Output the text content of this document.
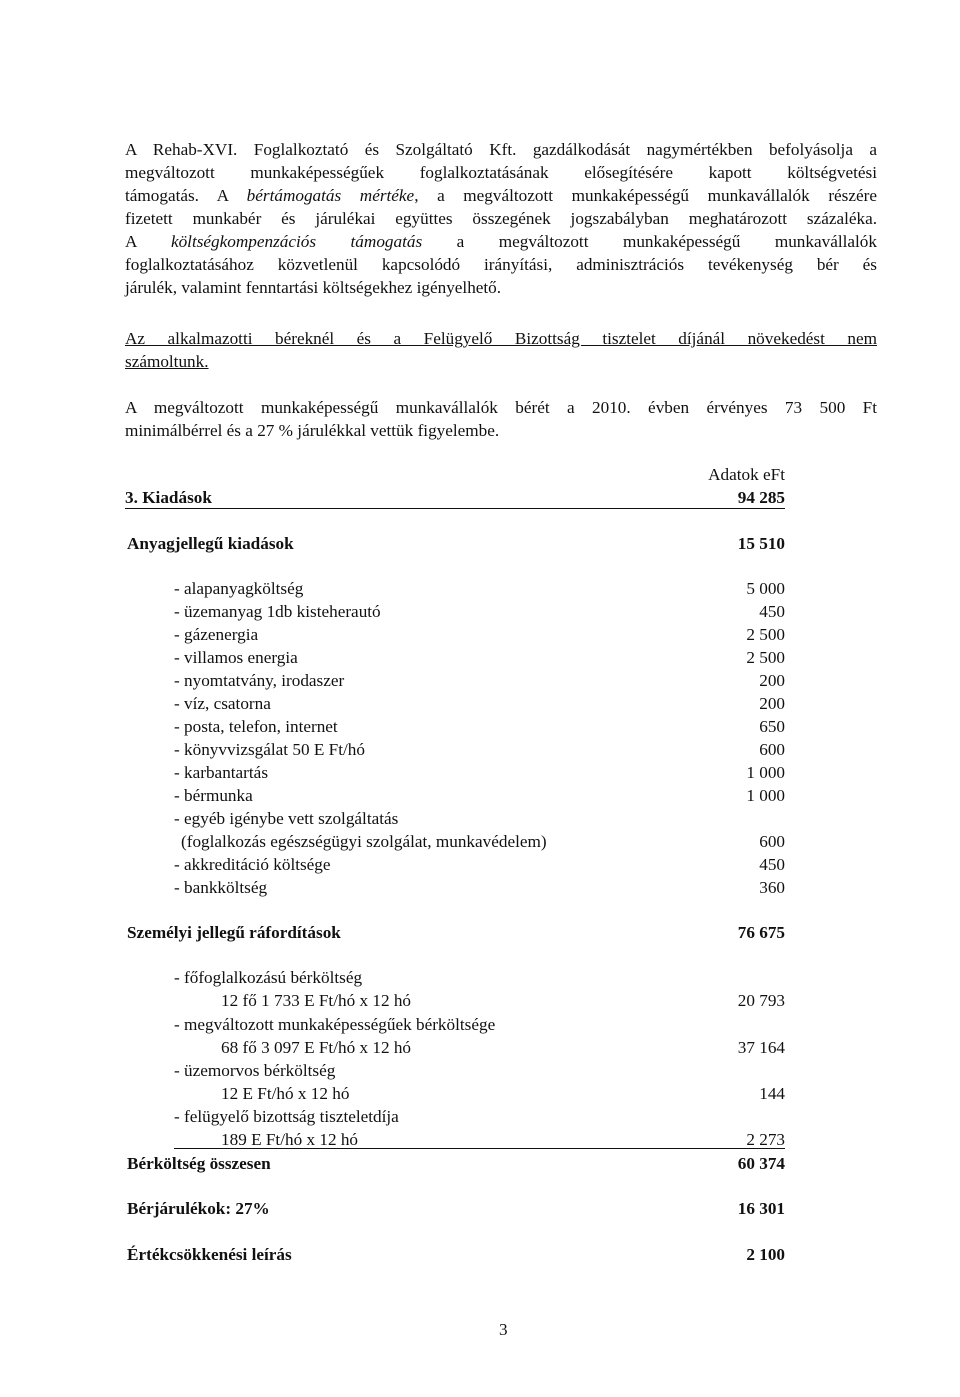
A Rehab-XVI. Foglalkoztató és Szolgáltató Kft. gazdálkodását nagymértékben befolyásolja a
megváltozott munkaképességűek foglalkoztatásának elősegítésére kapott költségvetési
támogatás. A bértámogatás mértéke, a megváltozott munkaképességű munkavállalók részére
fizetett munkabér és járulékai együttes összegének jogszabályban meghatározott százaléka.
A költségkompenzációs támogatás a megváltozott munkaképességű munkavállalók
foglalkoztatásához közvetlenül kapcsolódó irányítási, adminisztrációs tevékenység bér és
járulék, valamint fenntartási költségekhez igényelhető.
Az alkalmazotti béreknél és a Felügyelő Bizottság tisztelet díjánál növekedést nem
számoltunk.
A megváltozott munkaképességű munkavállalók bérét a 2010. évben érvényes 73 500 Ft
minimálbérrel és a 27 % járulékkal vettük figyelembe.
Adatok eFt
3. Kiadások	94 285
Anyagjellegű kiadások	15 510
- alapanyagköltség	5 000
- üzemanyag 1db kisteherautó	450
- gázenergia	2 500
- villamos energia	2 500
- nyomtatvány, irodaszer	200
- víz, csatorna	200
- posta, telefon, internet	650
- könyvvizsgálat 50 E Ft/hó	600
- karbantartás	1 000
- bérmunka	1 000
- egyéb igénybe vett szolgáltatás
(foglalkozás egészségügyi szolgálat, munkavédelem)	600
- akkreditáció költsége	450
- bankköltség	360
Személyi jellegű ráfordítások	76 675
- főfoglalkozású bérköltség
12 fő 1 733 E Ft/hó x 12 hó	20 793
- megváltozott munkaképességűek bérköltsége
68 fő 3 097 E Ft/hó x 12 hó	37 164
- üzemorvos bérköltség
12 E Ft/hó x 12 hó	144
- felügyelő bizottság tiszteletdíja
189 E Ft/hó x 12 hó	2 273
Bérköltség összesen	60 374
Bérjárulékok: 27%	16 301
Értékcsökkenési leírás	2 100
3
